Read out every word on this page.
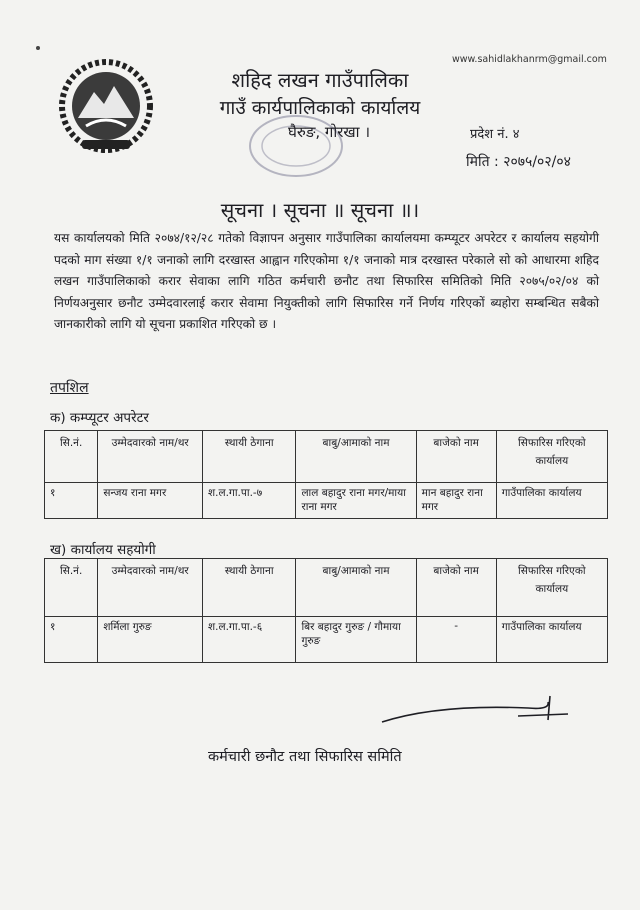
www.sahidlakhanrm@gmail.com
शहिद लखन गाउँपालिका
गाउँ कार्यपालिकाको कार्यालय
घैरुङ, गोरखा ।	प्रदेश नं. ४
मिति : २०७५/०२/०४
सूचना । सूचना ॥ सूचना ॥।
यस कार्यालयको मिति २०७४/१२/२८ गतेको विज्ञापन अनुसार गाउँपालिका कार्यालयमा कम्प्यूटर अपरेटर र कार्यालय सहयोगी पदको माग संख्या १/१ जनाको लागि दरखास्त आह्वान गरिएकोमा १/१ जनाको मात्र दरखास्त परेकाले सो को आधारमा शहिद लखन गाउँपालिकाको करार सेवाका लागि गठित कर्मचारी छनौट तथा सिफारिस समितिको मिति २०७५/०२/०४ को निर्णयअनुसार छनौट उम्मेदवारलाई करार सेवामा नियुक्तीको लागि सिफारिस गर्ने निर्णय गरिएकों ब्यहोरा सम्बन्धित सबैको जानकारीको लागि यो सूचना प्रकाशित गरिएको छ ।
तपशिल
क) कम्प्यूटर अपरेटर
सि.नं.	उम्मेदवारको नाम/थर	स्थायी ठेगाना	बाबु/आमाको नाम	बाजेको नाम	सिफारिस गरिएको कार्यालय
१	सन्जय राना मगर	श.ल.गा.पा.-७	लाल बहादुर राना मगर/माया राना मगर	मान बहादुर राना मगर	गाउँपालिका कार्यालय
ख) कार्यालय सहयोगी
सि.नं.	उम्मेदवारको नाम/थर	स्थायी ठेगाना	बाबु/आमाको नाम	बाजेको नाम	सिफारिस गरिएको कार्यालय
१	शर्मिला गुरुङ	श.ल.गा.पा.-६	बिर बहादुर गुरुङ / गौमाया गुरुङ	-	गाउँपालिका कार्यालय
कर्मचारी छनौट तथा सिफारिस समिति
